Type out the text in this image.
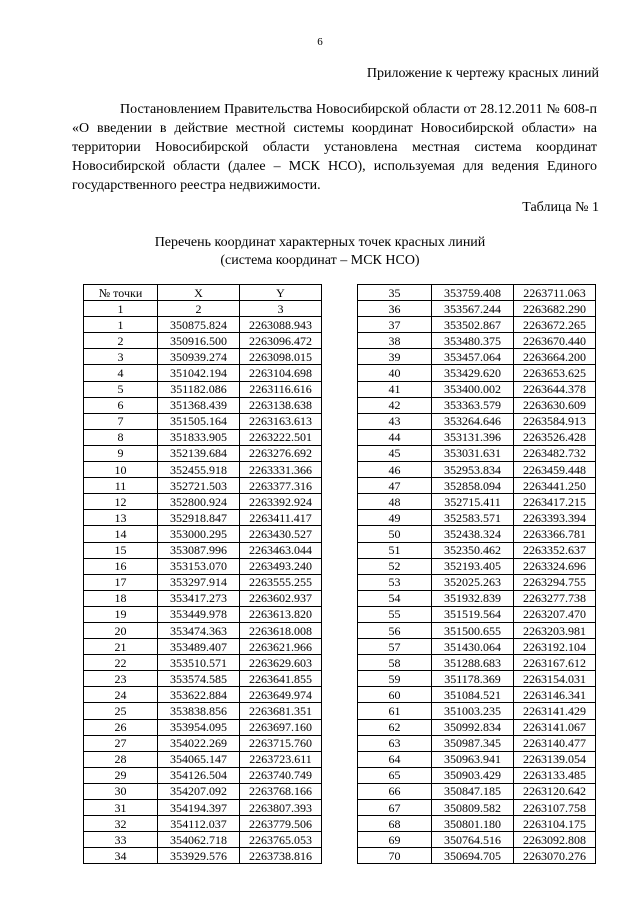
6
Приложение к чертежу красных линий

Постановлением Правительства Новосибирской области от 28.12.2011 № 608-п «О введении в действие местной системы координат Новосибирской области» на территории Новосибирской области установлена местная система координат Новосибирской области (далее – МСК НСО), используемая для ведения Единого государственного реестра недвижимости.

Таблица № 1
Перечень координат характерных точек красных линий
(система координат – МСК НСО)
№ точки	X	Y
1	2	3
1	350875.824	2263088.943
2	350916.500	2263096.472
3	350939.274	2263098.015
4	351042.194	2263104.698
5	351182.086	2263116.616
6	351368.439	2263138.638
7	351505.164	2263163.613
8	351833.905	2263222.501
9	352139.684	2263276.692
10	352455.918	2263331.366
11	352721.503	2263377.316
12	352800.924	2263392.924
13	352918.847	2263411.417
14	353000.295	2263430.527
15	353087.996	2263463.044
16	353153.070	2263493.240
17	353297.914	2263555.255
18	353417.273	2263602.937
19	353449.978	2263613.820
20	353474.363	2263618.008
21	353489.407	2263621.966
22	353510.571	2263629.603
23	353574.585	2263641.855
24	353622.884	2263649.974
25	353838.856	2263681.351
26	353954.095	2263697.160
27	354022.269	2263715.760
28	354065.147	2263723.611
29	354126.504	2263740.749
30	354207.092	2263768.166
31	354194.397	2263807.393
32	354112.037	2263779.506
33	354062.718	2263765.053
34	353929.576	2263738.816
35	353759.408	2263711.063
36	353567.244	2263682.290
37	353502.867	2263672.265
38	353480.375	2263670.440
39	353457.064	2263664.200
40	353429.620	2263653.625
41	353400.002	2263644.378
42	353363.579	2263630.609
43	353264.646	2263584.913
44	353131.396	2263526.428
45	353031.631	2263482.732
46	352953.834	2263459.448
47	352858.094	2263441.250
48	352715.411	2263417.215
49	352583.571	2263393.394
50	352438.324	2263366.781
51	352350.462	2263352.637
52	352193.405	2263324.696
53	352025.263	2263294.755
54	351932.839	2263277.738
55	351519.564	2263207.470
56	351500.655	2263203.981
57	351430.064	2263192.104
58	351288.683	2263167.612
59	351178.369	2263154.031
60	351084.521	2263146.341
61	351003.235	2263141.429
62	350992.834	2263141.067
63	350987.345	2263140.477
64	350963.941	2263139.054
65	350903.429	2263133.485
66	350847.185	2263120.642
67	350809.582	2263107.758
68	350801.180	2263104.175
69	350764.516	2263092.808
70	350694.705	2263070.276
